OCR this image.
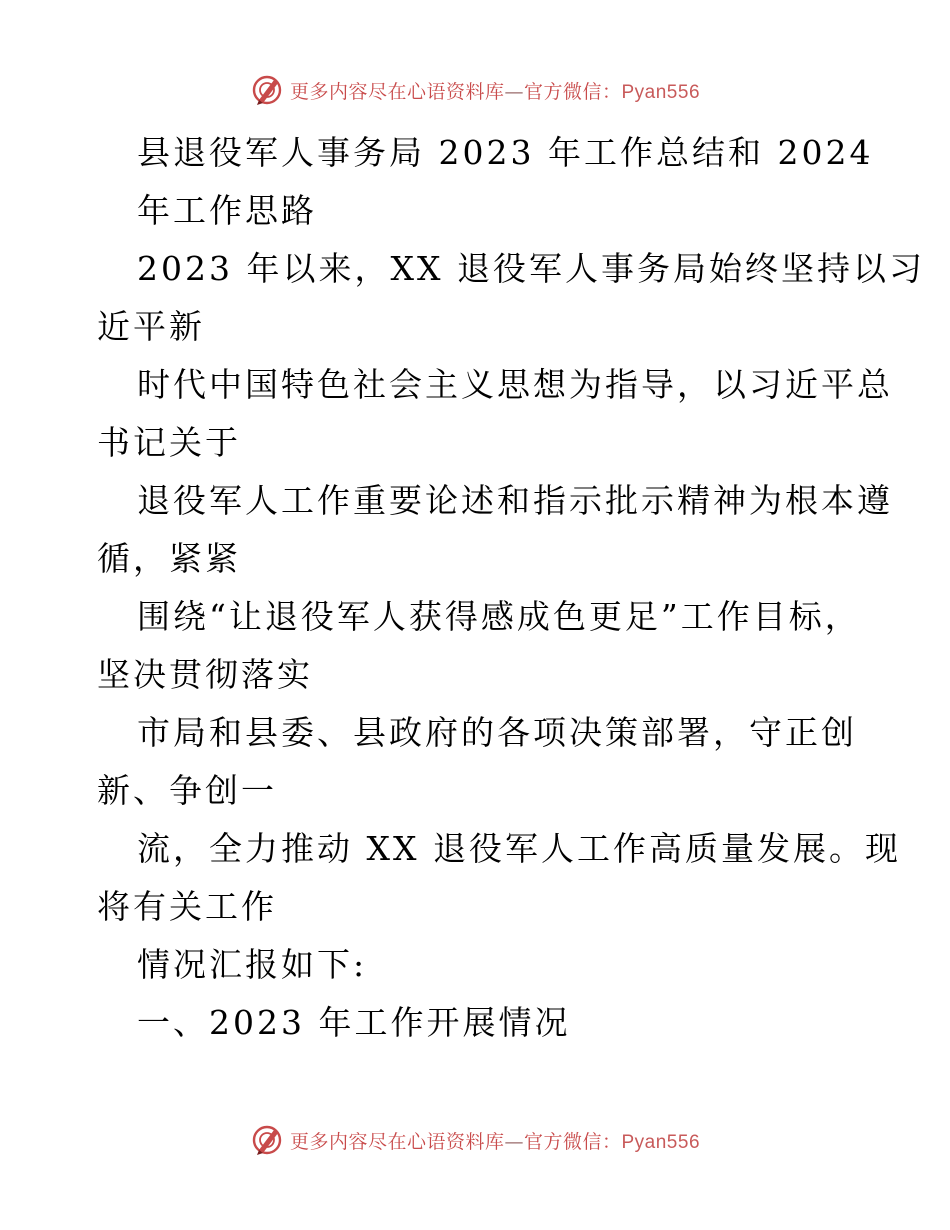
更多内容尽在心语资料库—官方微信：Pyan556
县退役军人事务局 2023 年工作总结和 2024
年工作思路
2023 年以来，XX 退役军人事务局始终坚持以习
近平新
时代中国特色社会主义思想为指导，以习近平总
书记关于
退役军人工作重要论述和指示批示精神为根本遵
循，紧紧
围绕“让退役军人获得感成色更足”工作目标，
坚决贯彻落实
市局和县委、县政府的各项决策部署，守正创
新、争创一
流，全力推动 XX 退役军人工作高质量发展。现
将有关工作
情况汇报如下:
一、2023 年工作开展情况
更多内容尽在心语资料库—官方微信：Pyan556
